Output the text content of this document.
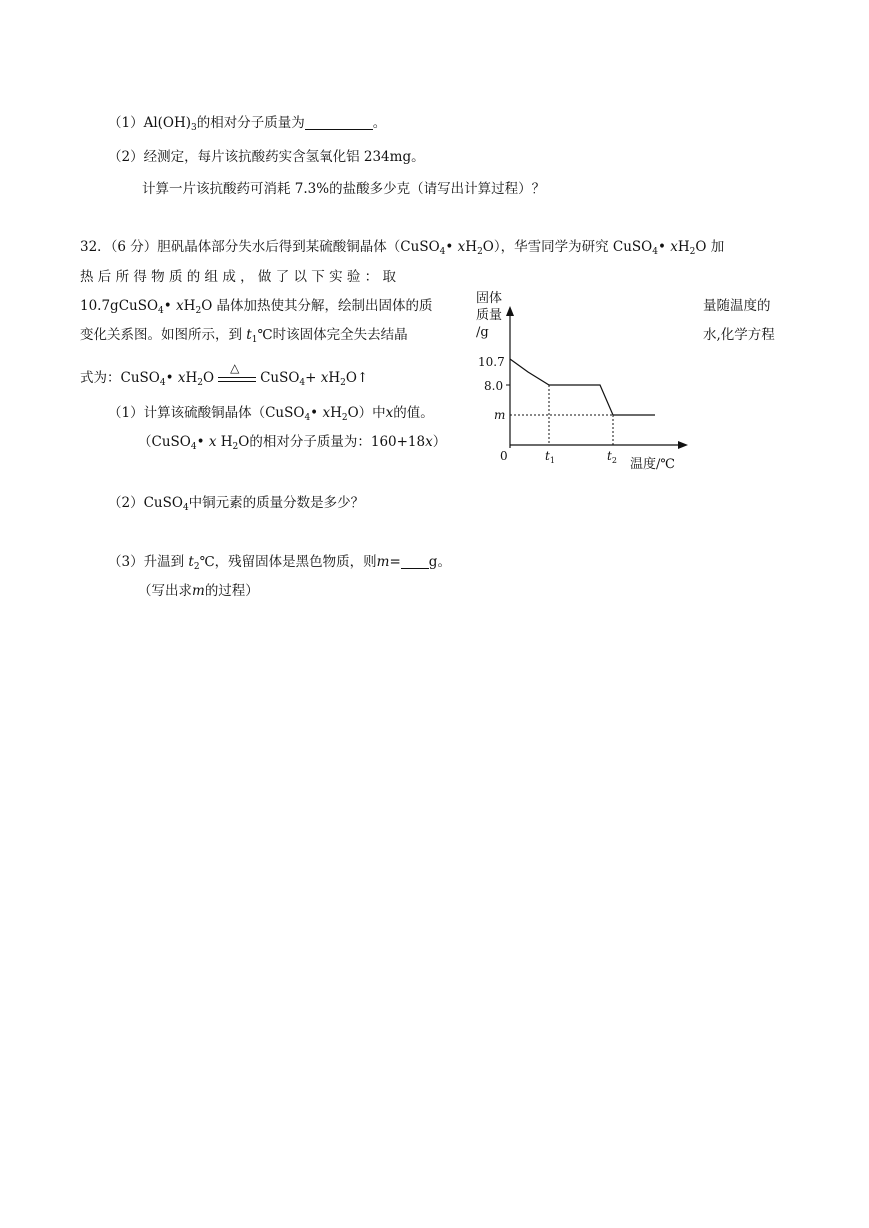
$(1)Al(OH)_3$的相对分子质量为	。
（2）经测定，每片该抗酸药实含氢氧化铝 234mg。
计算一片该抗酸药可消耗 7.3%的盐酸多少克（请写出计算过程）？
32．（6 分）胆矾晶体部分失水后得到某硫酸铜晶体（CuSO$_4$• $xH_2O$），华雪同学为研究 CuSO$_4$• $xH_2O$ 加
热 后 所 得 物 质 的 组 成 ， 做 了 以 下 实 验 ： 取
10.7gCuSO$_4$• $xH_2O$ 晶体加热使其分解，绘制出固体的质	量随温度的
变化关系图。如图所示，到 $t_1℃$时该固体完全失去结晶	水,化学方程
式为：CuSO$_4$• $xH_2O$
△
CuSO$_4$+ $xH_2O↑$
（1）计算该硫酸铜晶体（CuSO$_4$• $xH_2O$）中x的值。
（CuSO$_4$• x $H_2O$的相对分子质量为：160+18x）
（2）CuSO$_4$中铜元素的质量分数是多少？
（3）升温到 $t_2℃$，残留固体是黑色物质，则m= g。
（写出求m的过程）
固体
质量
/g
10.7
8.0
m
0	$t_1$	$t_2$ 温度/℃
